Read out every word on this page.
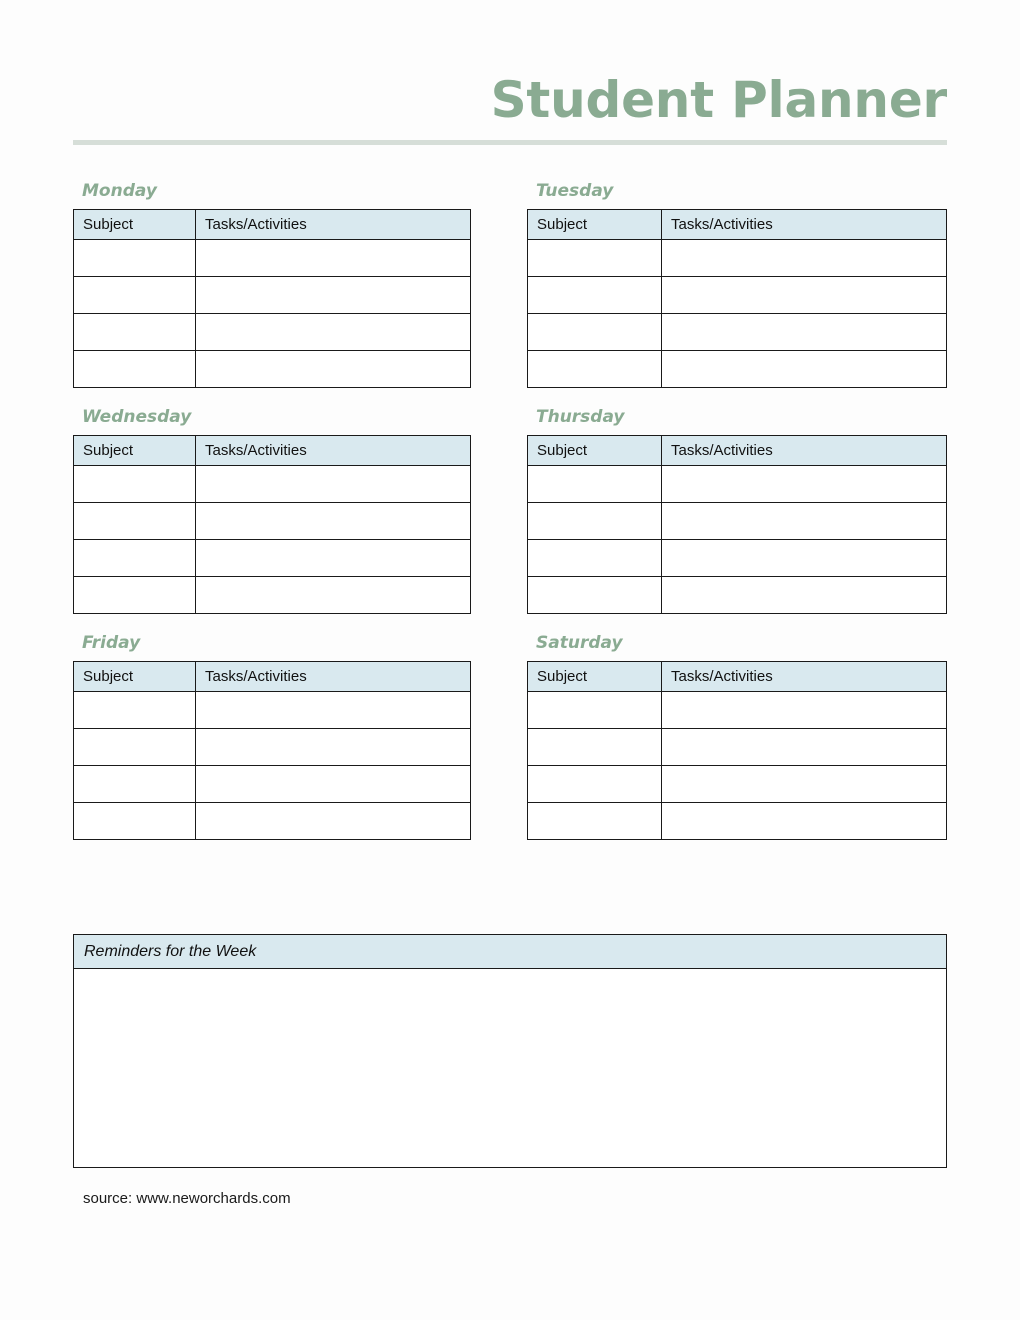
Student Planner
Monday
Subject	Tasks/Activities

Tuesday
Subject	Tasks/Activities

Wednesday
Subject	Tasks/Activities

Thursday
Subject	Tasks/Activities

Friday
Subject	Tasks/Activities

Saturday
Subject	Tasks/Activities

Reminders for the Week
source: www.neworchards.com
